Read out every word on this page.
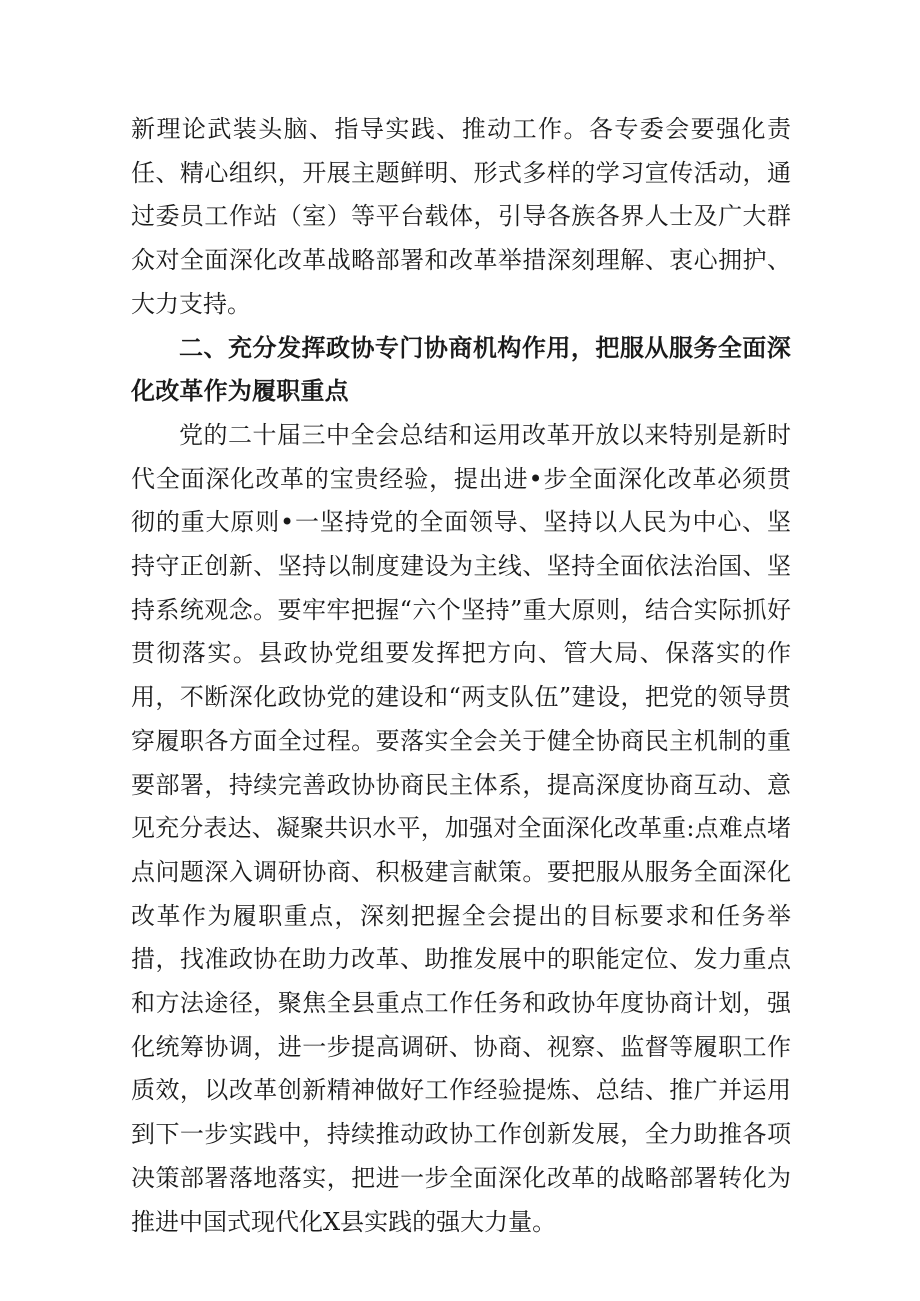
新理论武装头脑、指导实践、推动工作。各专委会要强化责任、精心组织，开展主题鲜明、形式多样的学习宣传活动，通过委员工作站（室）等平台载体，引导各族各界人士及广大群众对全面深化改革战略部署和改革举措深刻理解、衷心拥护、大力支持。

二、充分发挥政协专门协商机构作用，把服从服务全面深化改革作为履职重点

党的二十届三中全会总结和运用改革开放以来特别是新时代全面深化改革的宝贵经验，提出进•步全面深化改革必须贯彻的重大原则•一坚持党的全面领导、坚持以人民为中心、坚持守正创新、坚持以制度建设为主线、坚持全面依法治国、坚持系统观念。要牢牢把握“六个坚持”重大原则，结合实际抓好贯彻落实。县政协党组要发挥把方向、管大局、保落实的作用，不断深化政协党的建设和“两支队伍”建设，把党的领导贯穿履职各方面全过程。要落实全会关于健全协商民主机制的重要部署，持续完善政协协商民主体系，提高深度协商互动、意见充分表达、凝聚共识水平，加强对全面深化改革重:点难点堵点问题深入调研协商、积极建言献策。要把服从服务全面深化改革作为履职重点，深刻把握全会提出的目标要求和任务举措，找准政协在助力改革、助推发展中的职能定位、发力重点和方法途径，聚焦全县重点工作任务和政协年度协商计划，强化统筹协调，进一步提高调研、协商、视察、监督等履职工作质效，以改革创新精神做好工作经验提炼、总结、推广并运用到下一步实践中，持续推动政协工作创新发展，全力助推各项决策部署落地落实，把进一步全面深化改革的战略部署转化为推进中国式现代化X县实践的强大力量。
